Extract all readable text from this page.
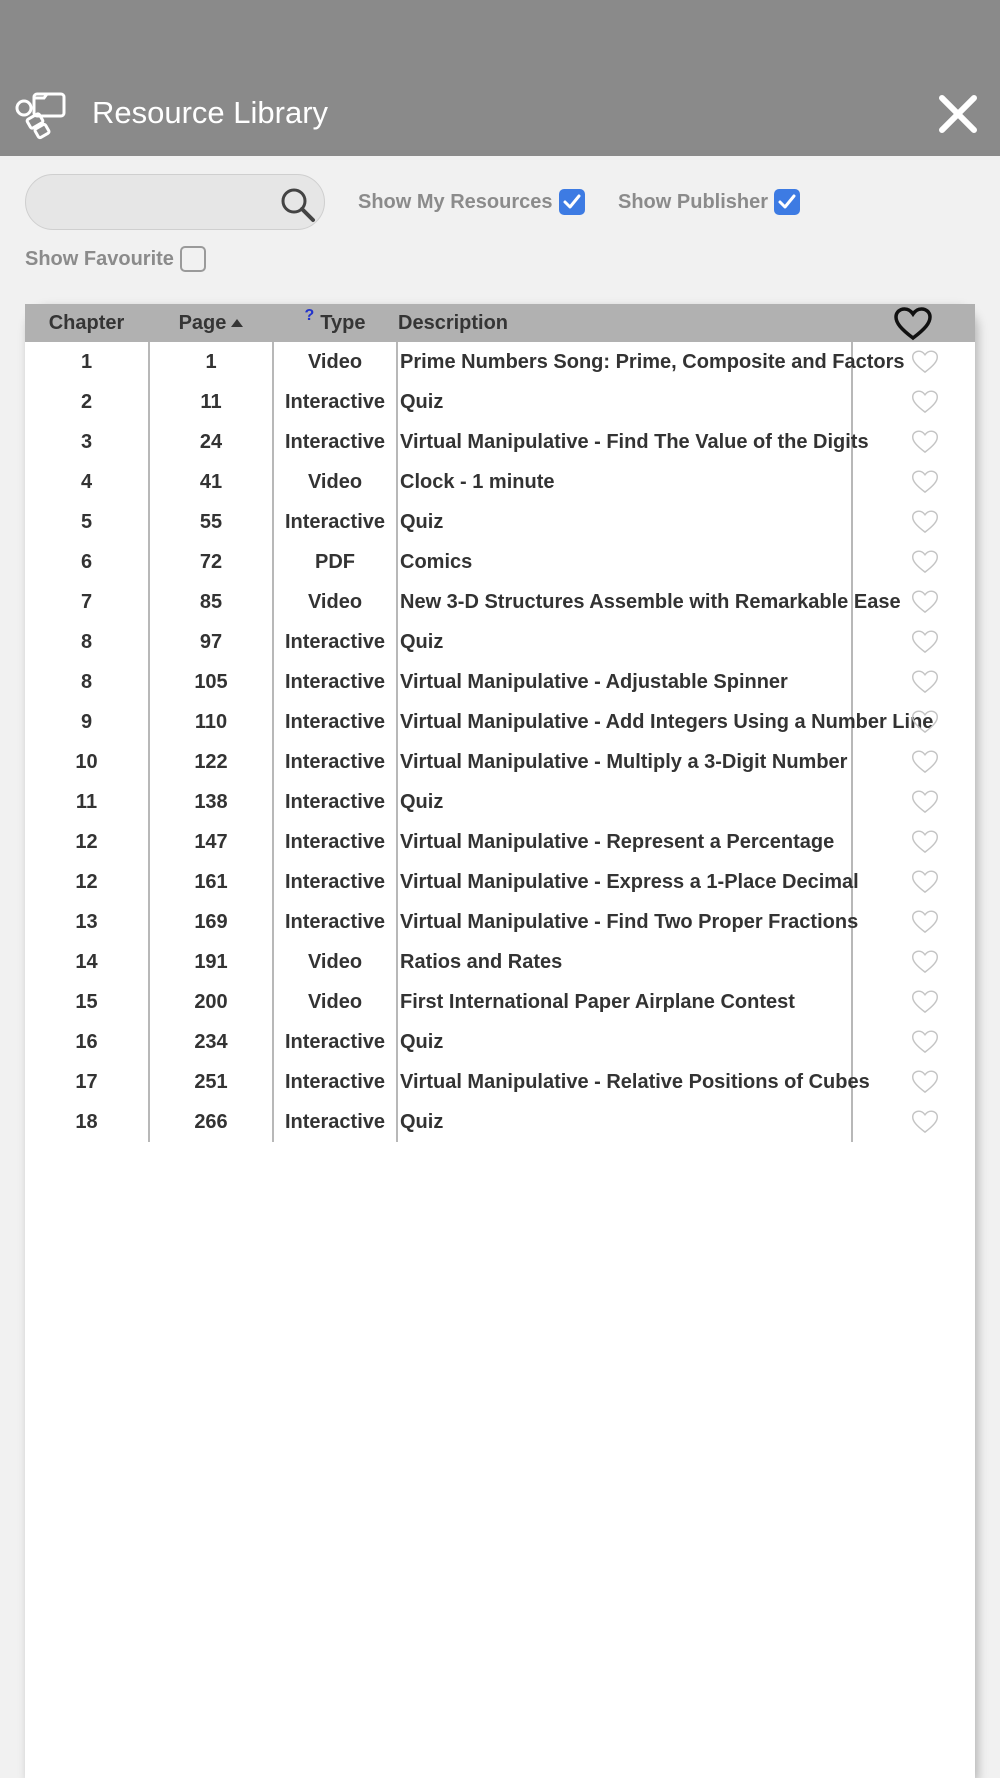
Resource Library
Show My Resources	Show Publisher
Show Favourite
Chapter	Page	? Type Description
1	1	Video	Prime Numbers Song: Prime, Composite and Factors
2	11	Interactive Quiz
3	24	Interactive Virtual Manipulative - Find The Value of the Digits
4	41	Video	Clock - 1 minute
5	55	Interactive Quiz
6	72	PDF	Comics
7	85	Video	New 3-D Structures Assemble with Remarkable Ease
8	97	Interactive Quiz
8	105	Interactive Virtual Manipulative - Adjustable Spinner
9	110	Interactive Virtual Manipulative - Add Integers Using a Number Line
10	122	Interactive Virtual Manipulative - Multiply a 3-Digit Number
11	138	Interactive Quiz
12	147	Interactive Virtual Manipulative - Represent a Percentage
12	161	Interactive Virtual Manipulative - Express a 1-Place Decimal
13	169	Interactive Virtual Manipulative - Find Two Proper Fractions
14	191	Video	Ratios and Rates
15	200	Video	First International Paper Airplane Contest
16	234	Interactive Quiz
17	251	Interactive Virtual Manipulative - Relative Positions of Cubes
18	266	Interactive Quiz
